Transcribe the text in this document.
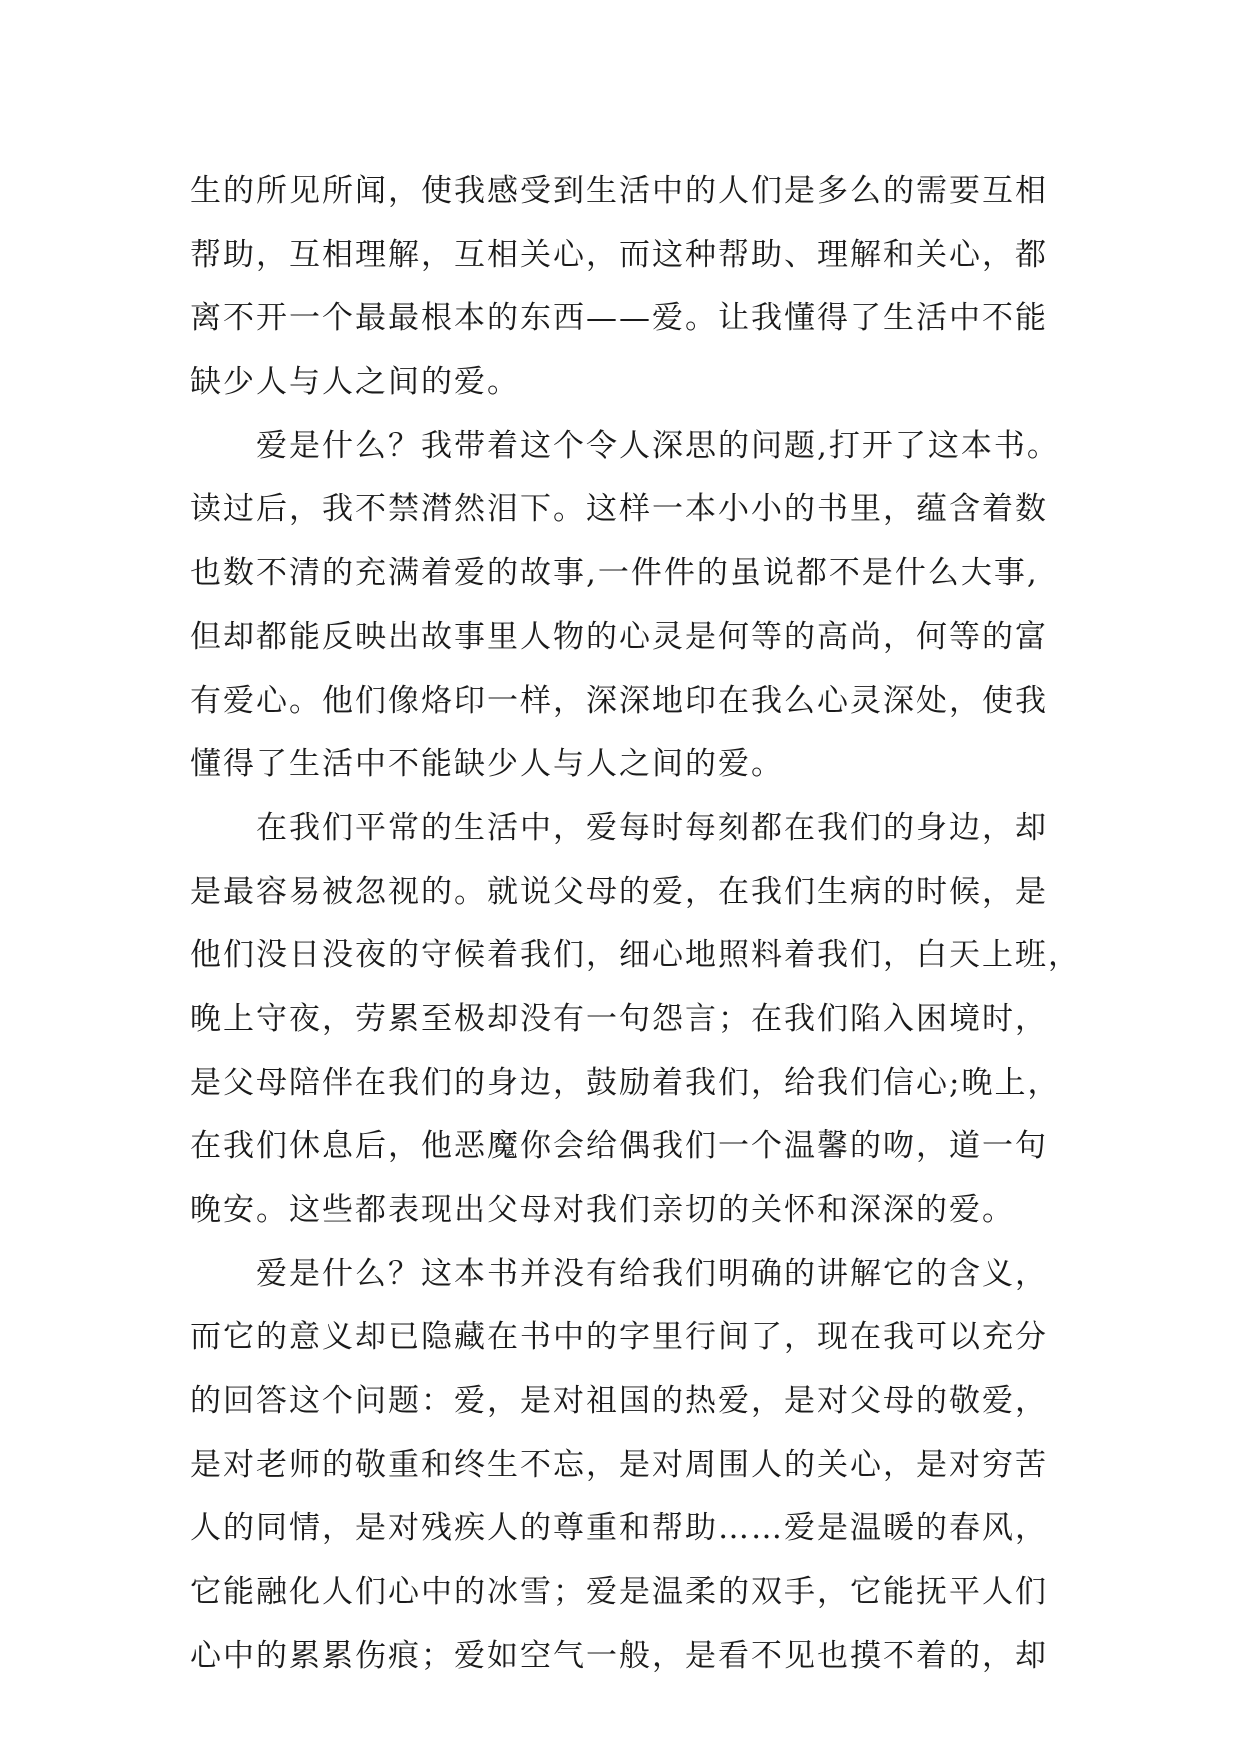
生的所见所闻，使我感受到生活中的人们是多么的需要互相
帮助，互相理解，互相关心，而这种帮助、理解和关心，都
离不开一个最最根本的东西——爱。让我懂得了生活中不能
缺少人与人之间的爱。
　　爱是什么？我带着这个令人深思的问题,打开了这本书。
读过后，我不禁潸然泪下。这样一本小小的书里，蕴含着数
也数不清的充满着爱的故事,一件件的虽说都不是什么大事,
但却都能反映出故事里人物的心灵是何等的高尚，何等的富
有爱心。他们像烙印一样，深深地印在我么心灵深处，使我
懂得了生活中不能缺少人与人之间的爱。
　　在我们平常的生活中，爱每时每刻都在我们的身边，却
是最容易被忽视的。就说父母的爱，在我们生病的时候，是
他们没日没夜的守候着我们，细心地照料着我们，白天上班，
晚上守夜，劳累至极却没有一句怨言；在我们陷入困境时，
是父母陪伴在我们的身边，鼓励着我们，给我们信心;晚上，
在我们休息后，他恶魔你会给偶我们一个温馨的吻，道一句
晚安。这些都表现出父母对我们亲切的关怀和深深的爱。
　　爱是什么？这本书并没有给我们明确的讲解它的含义，
而它的意义却已隐藏在书中的字里行间了，现在我可以充分
的回答这个问题：爱，是对祖国的热爱，是对父母的敬爱，
是对老师的敬重和终生不忘，是对周围人的关心，是对穷苦
人的同情，是对残疾人的尊重和帮助……爱是温暖的春风，
它能融化人们心中的冰雪；爱是温柔的双手，它能抚平人们
心中的累累伤痕；爱如空气一般，是看不见也摸不着的，却
